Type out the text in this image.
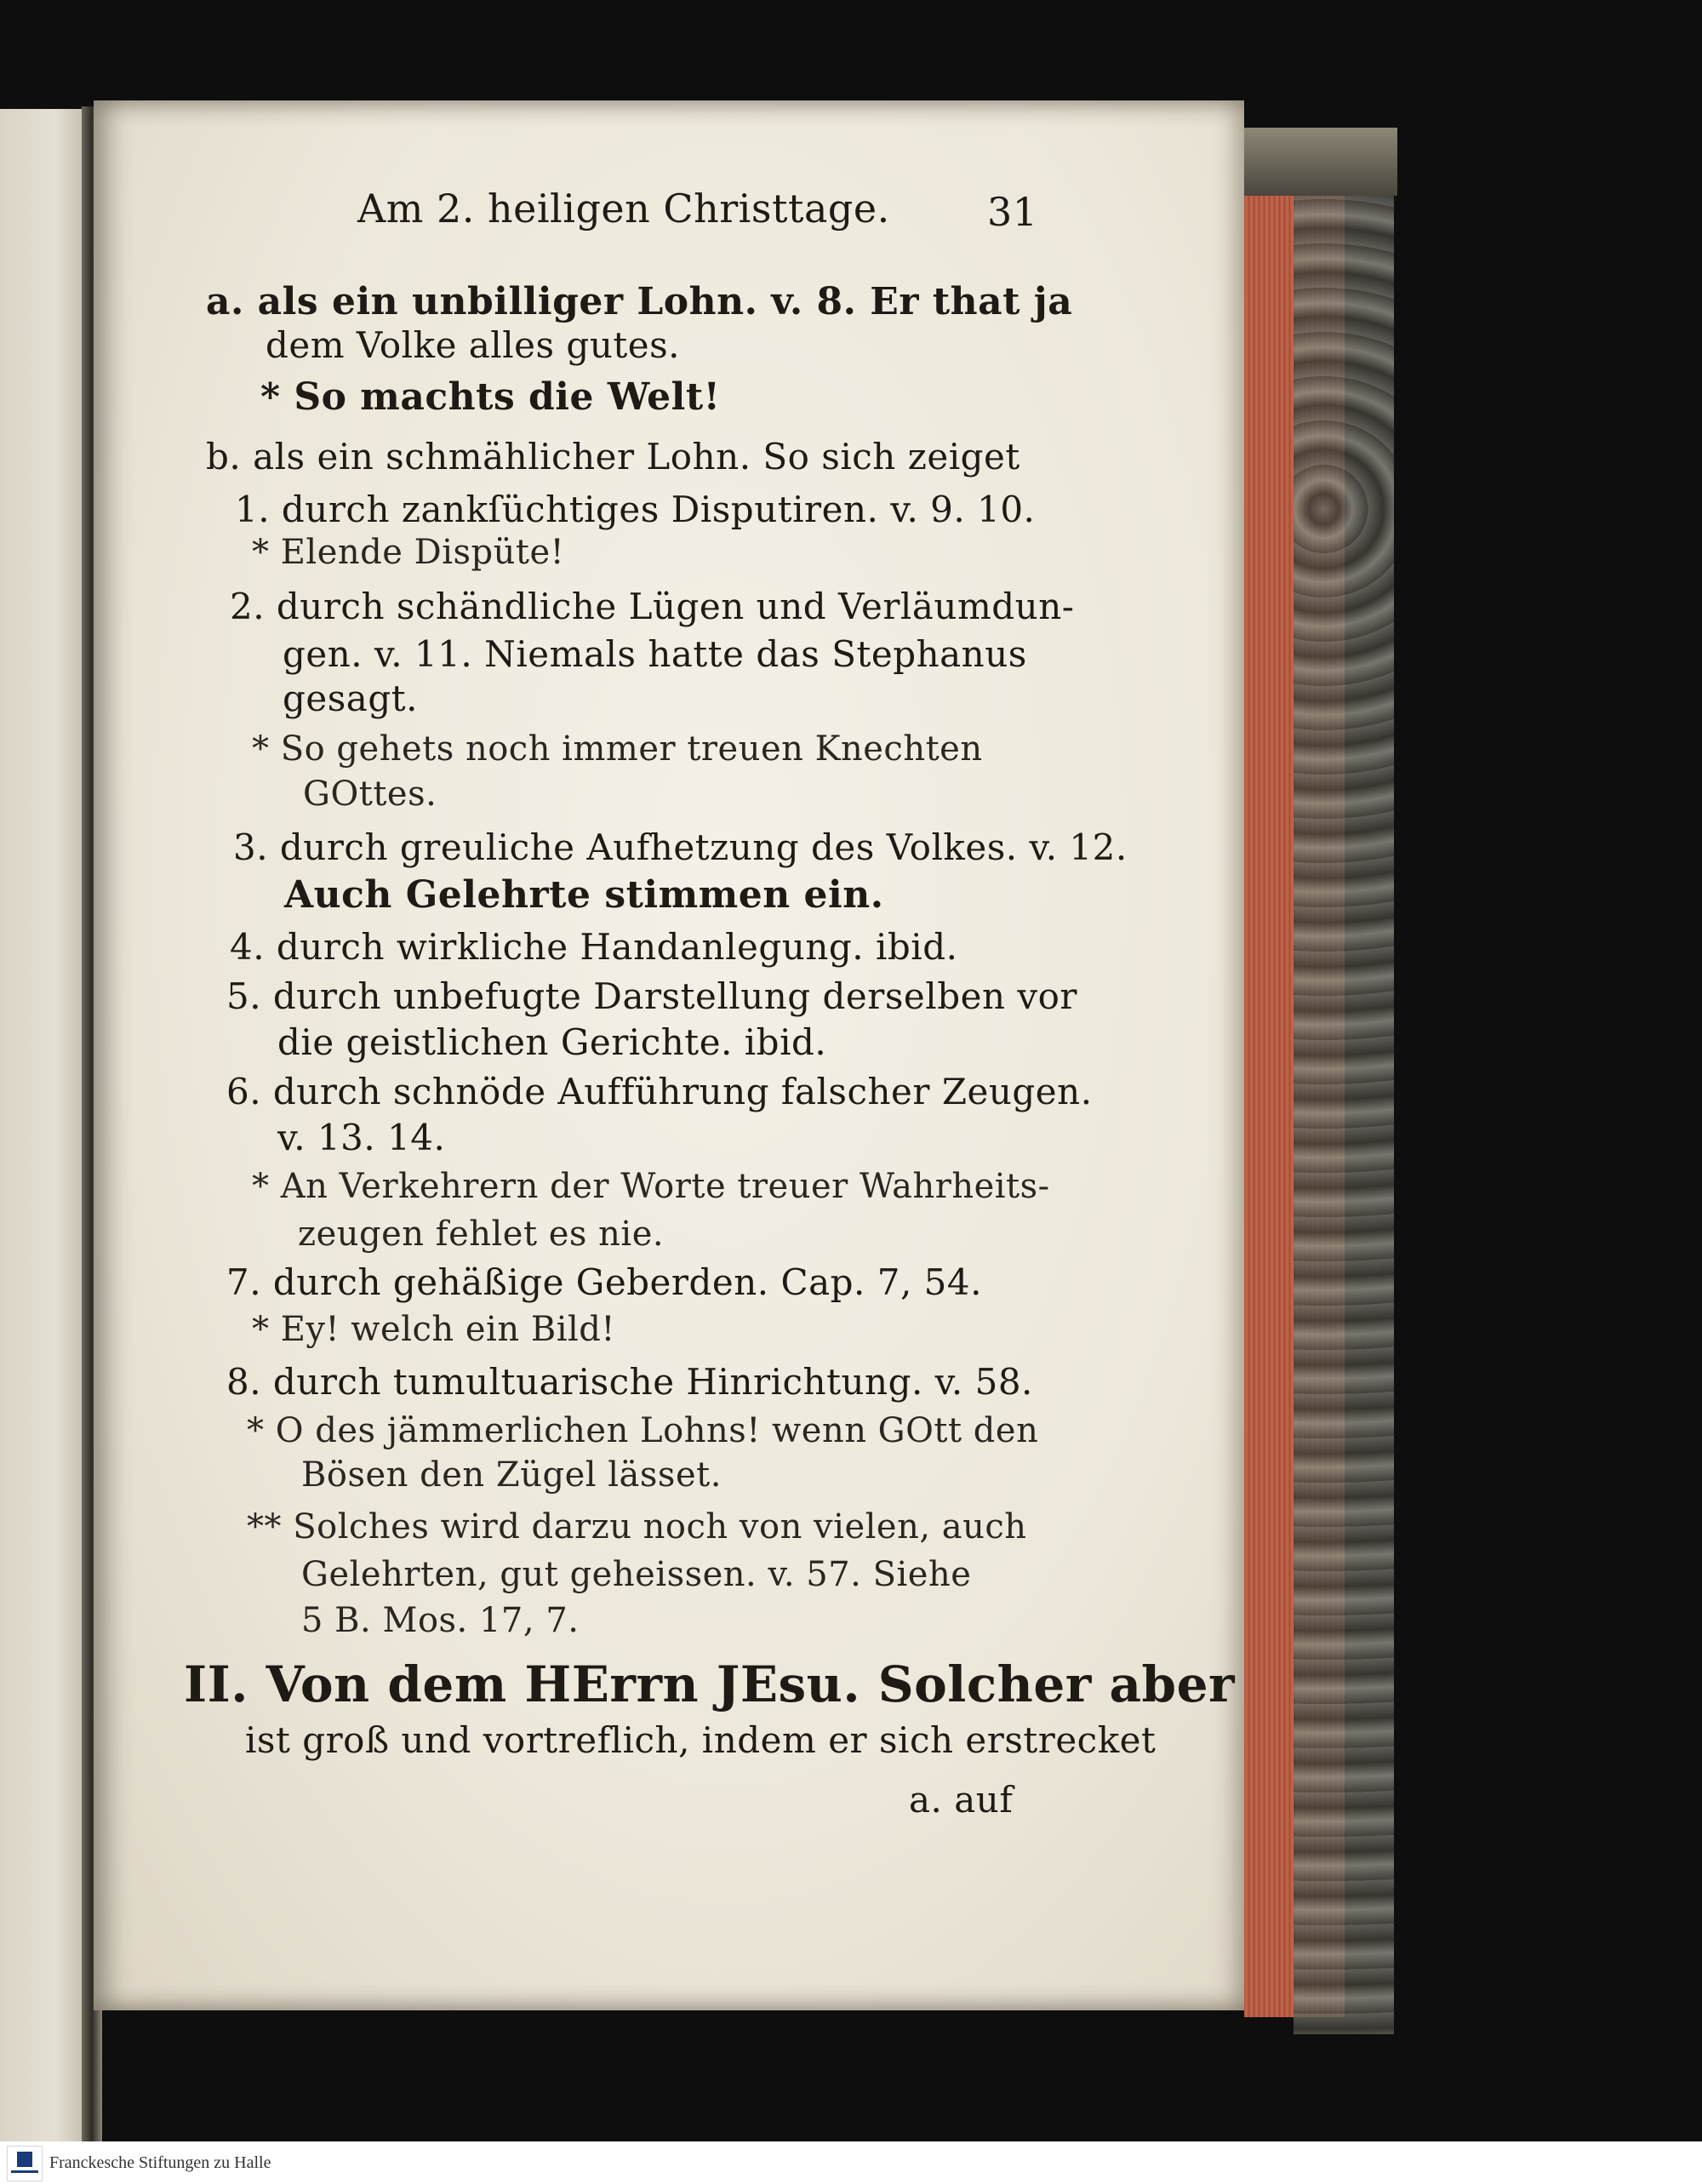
Am 2. heiligen Christtage. 31
a. als ein unbilliger Lohn. v. 8. Er that ja
dem Volke alles gutes.
* So machts die Welt!
b. als ein schmählicher Lohn. So sich zeiget
1. durch zankſüchtiges Disputiren. v. 9. 10.
* Elende Dispüte!
2. durch schändliche Lügen und Verläumdun-
gen. v. 11. Niemals hatte das Stephanus
gesagt.
* So gehets noch immer treuen Knechten
GOttes.
3. durch greuliche Aufhetzung des Volkes. v. 12.
Auch Gelehrte stimmen ein.
4. durch wirkliche Handanlegung. ibid.
5. durch unbefugte Darstellung derselben vor
die geistlichen Gerichte. ibid.
6. durch schnöde Aufführung falscher Zeugen.
v. 13. 14.
* An Verkehrern der Worte treuer Wahrheits-
zeugen fehlet es nie.
7. durch gehäßige Geberden. Cap. 7, 54.
* Ey! welch ein Bild!
8. durch tumultuarische Hinrichtung. v. 58.
* O des jämmerlichen Lohns! wenn GOtt den
Bösen den Zügel lässet.
** Solches wird darzu noch von vielen, auch
Gelehrten, gut geheissen. v. 57. Siehe
5 B. Mos. 17, 7.
II. Von dem HErrn JEsu. Solcher aber
ist groß und vortreflich, indem er sich erstrecket
a. auf
Franckesche Stiftungen zu Halle
